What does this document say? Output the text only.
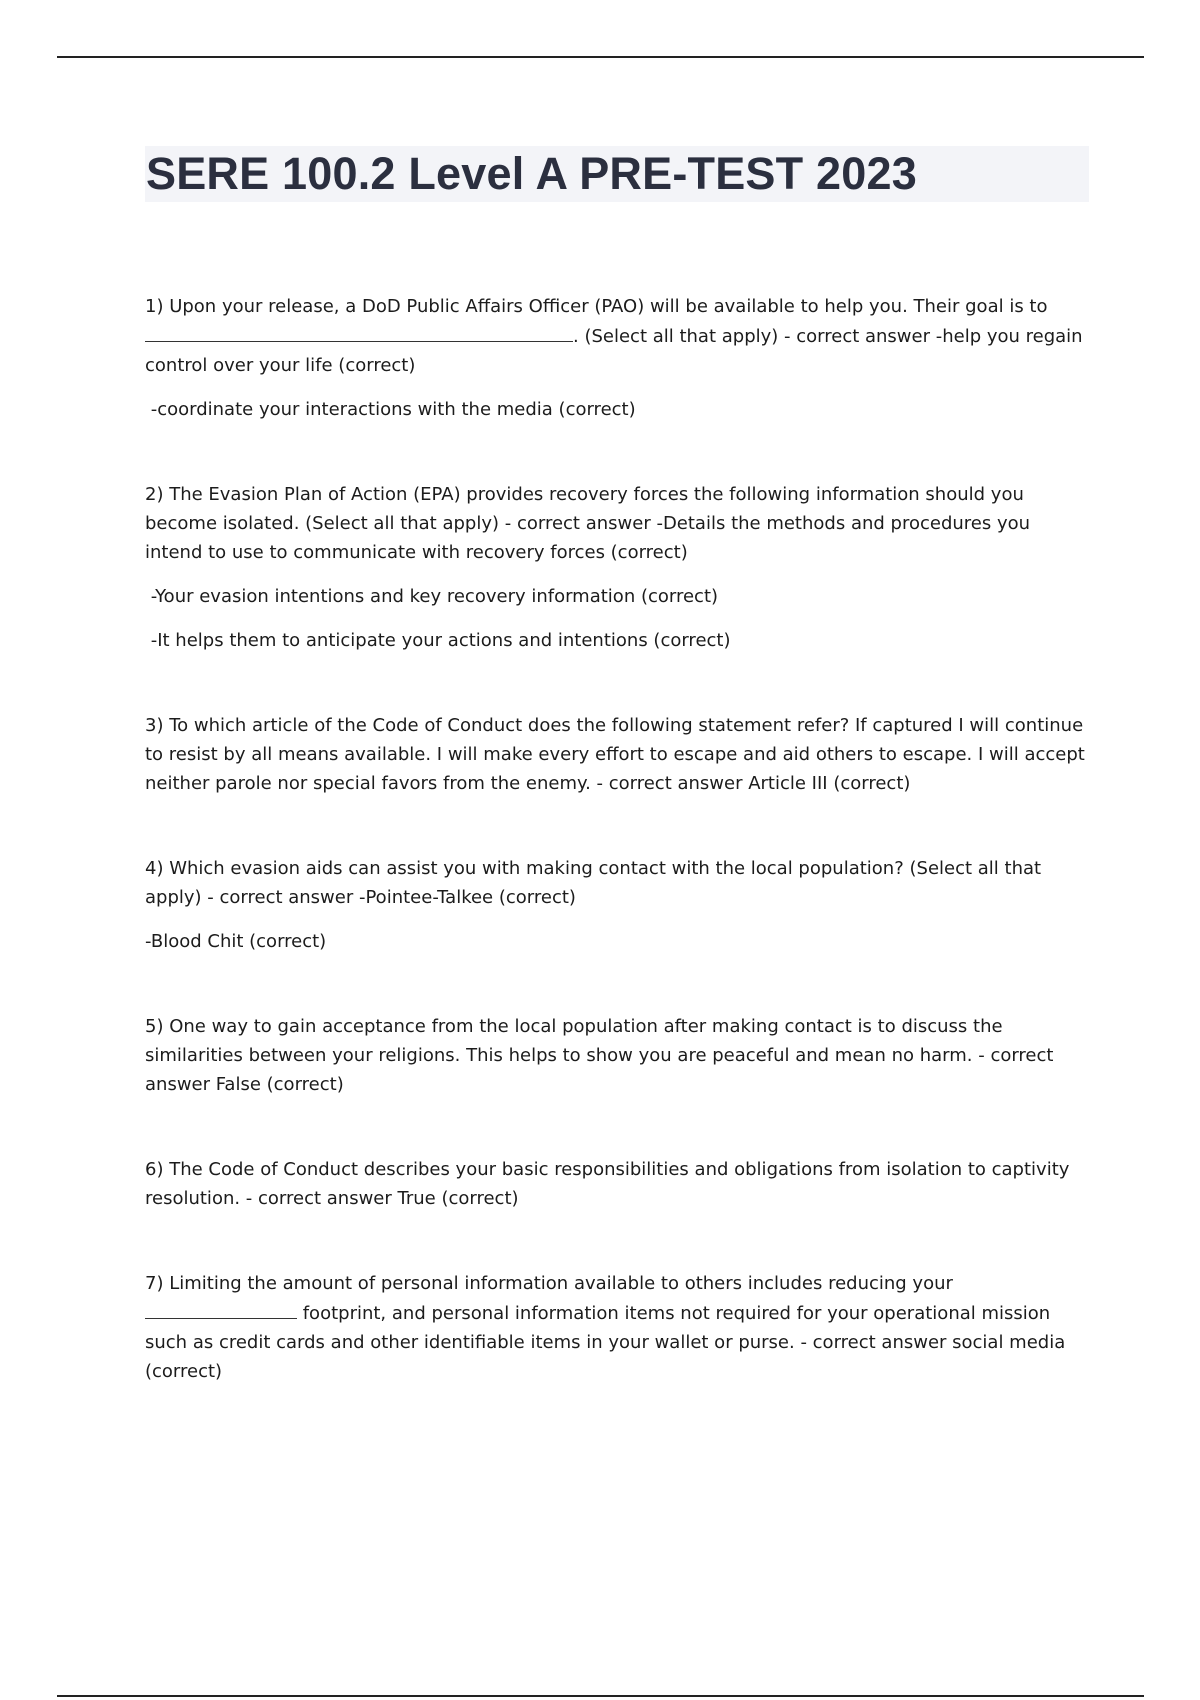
SERE 100.2 Level A PRE-TEST 2023

1) Upon your release, a DoD Public Affairs Officer (PAO) will be available to help you. Their goal is to. (Select all that apply) - correct answer -help you regain control over your life (correct)

-coordinate your interactions with the media (correct)

2) The Evasion Plan of Action (EPA) provides recovery forces the following information should you become isolated. (Select all that apply) - correct answer -Details the methods and procedures you intend to use to communicate with recovery forces (correct)

-Your evasion intentions and key recovery information (correct)

-It helps them to anticipate your actions and intentions (correct)

3) To which article of the Code of Conduct does the following statement refer? If captured I will continue to resist by all means available. I will make every effort to escape and aid others to escape. I will accept neither parole nor special favors from the enemy. - correct answer Article III (correct)

4) Which evasion aids can assist you with making contact with the local population? (Select all that apply) - correct answer -Pointee-Talkee (correct)

-Blood Chit (correct)

5) One way to gain acceptance from the local population after making contact is to discuss the similarities between your religions. This helps to show you are peaceful and mean no harm. - correct answer False (correct)

6) The Code of Conduct describes your basic responsibilities and obligations from isolation to captivity resolution. - correct answer True (correct)

7) Limiting the amount of personal information available to others includes reducing your  footprint, and personal information items not required for your operational mission such as credit cards and other identifiable items in your wallet or purse. - correct answer social media (correct)
